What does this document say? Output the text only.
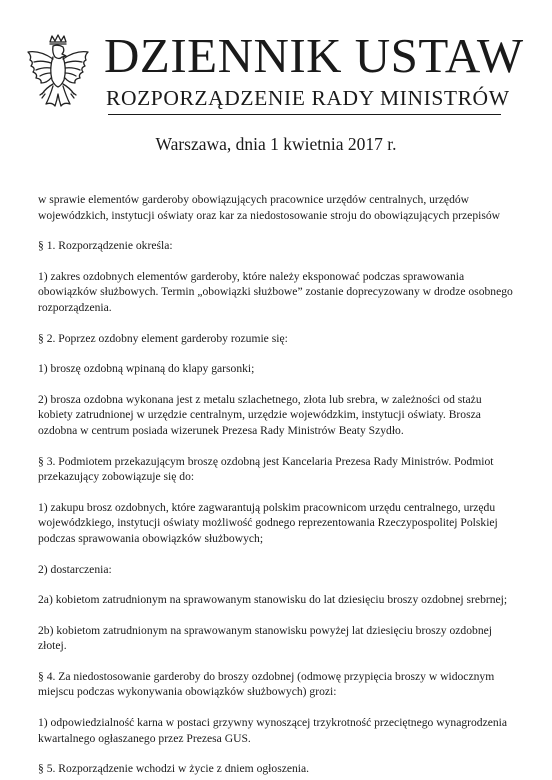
DZIENNIK USTAW
ROZPORZĄDZENIE RADY MINISTRÓW
Warszawa, dnia 1 kwietnia 2017 r.

w sprawie elementów garderoby obowiązujących pracownice urzędów centralnych, urzędów wojewódzkich, instytucji oświaty oraz kar za niedostosowanie stroju do obowiązujących przepisów

§ 1. Rozporządzenie określa:

1) zakres ozdobnych elementów garderoby, które należy eksponować podczas sprawowania obowiązków służbowych. Termin „obowiązki służbowe” zostanie doprecyzowany w drodze osobnego rozporządzenia.

§ 2. Poprzez ozdobny element garderoby rozumie się:

1) broszę ozdobną wpinaną do klapy garsonki;

2) brosza ozdobna wykonana jest z metalu szlachetnego, złota lub srebra, w zależności od stażu kobiety zatrudnionej w urzędzie centralnym, urzędzie wojewódzkim, instytucji oświaty. Brosza ozdobna w centrum posiada wizerunek Prezesa Rady Ministrów Beaty Szydło.

§ 3. Podmiotem przekazującym broszę ozdobną jest Kancelaria Prezesa Rady Ministrów. Podmiot przekazujący zobowiązuje się do:

1) zakupu brosz ozdobnych, które zagwarantują polskim pracownicom urzędu centralnego, urzędu wojewódzkiego, instytucji oświaty możliwość godnego reprezentowania Rzeczypospolitej Polskiej podczas sprawowania obowiązków służbowych;

2) dostarczenia:

2a) kobietom zatrudnionym na sprawowanym stanowisku do lat dziesięciu broszy ozdobnej srebrnej;

2b) kobietom zatrudnionym na sprawowanym stanowisku powyżej lat dziesięciu broszy ozdobnej złotej.

§ 4. Za niedostosowanie garderoby do broszy ozdobnej (odmowę przypięcia broszy w widocznym miejscu podczas wykonywania obowiązków służbowych) grozi:

1) odpowiedzialność karna w postaci grzywny wynoszącej trzykrotność przeciętnego wynagrodzenia kwartalnego ogłaszanego przez Prezesa GUS.

§ 5. Rozporządzenie wchodzi w życie z dniem ogłoszenia.
